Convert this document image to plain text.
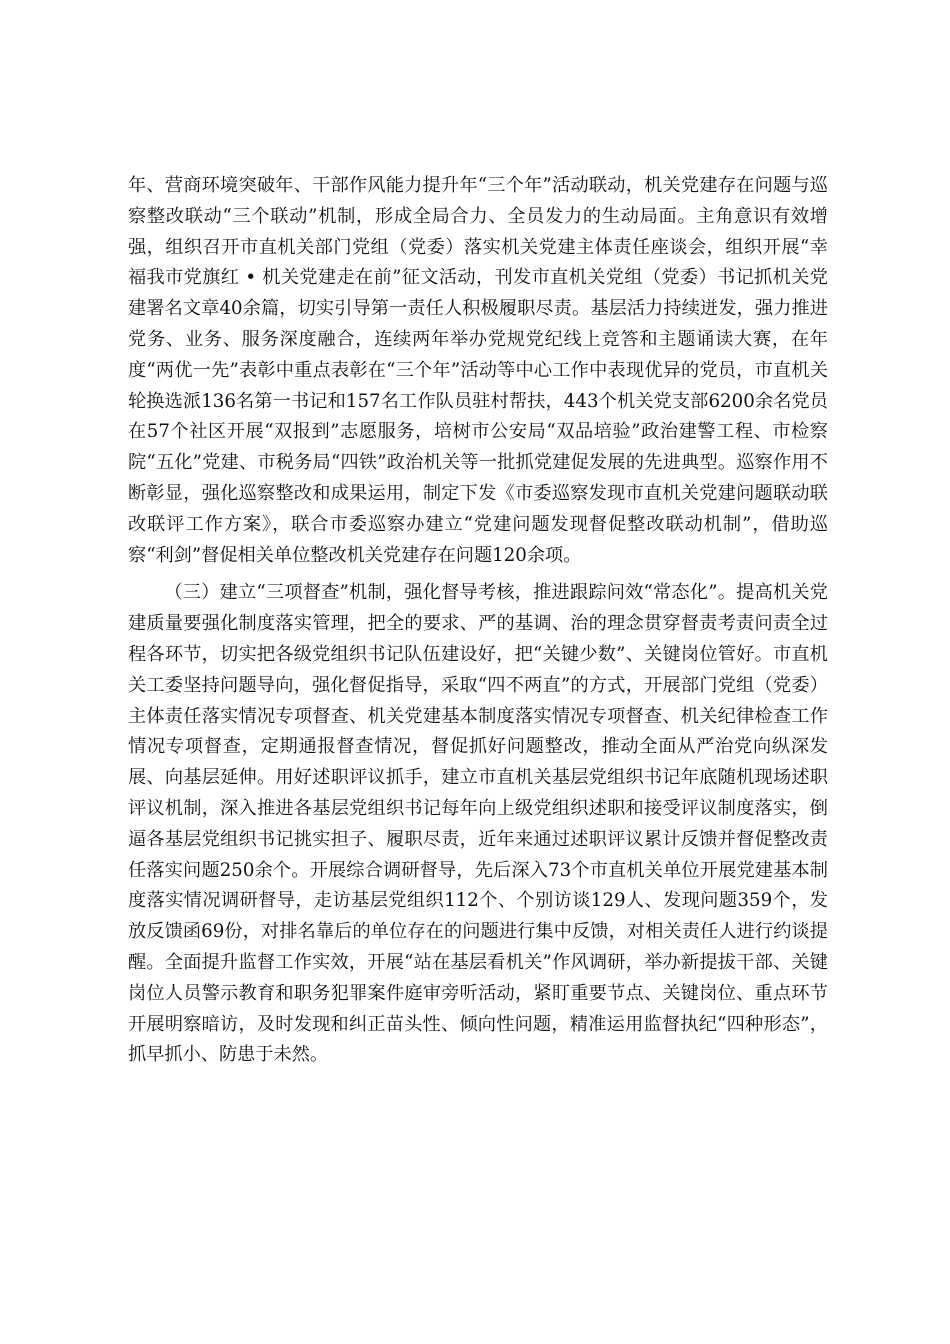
年、营商环境突破年、干部作风能力提升年“三个年”活动联动，机关党建存在问题与巡察整改联动“三个联动”机制，形成全局合力、全员发力的生动局面。主角意识有效增强，组织召开市直机关部门党组（党委）落实机关党建主体责任座谈会，组织开展“幸福我市党旗红 • 机关党建走在前”征文活动，刊发市直机关党组（党委）书记抓机关党建署名文章40余篇，切实引导第一责任人积极履职尽责。基层活力持续迸发，强力推进党务、业务、服务深度融合，连续两年举办党规党纪线上竞答和主题诵读大赛，在年度“两优一先”表彰中重点表彰在“三个年”活动等中心工作中表现优异的党员，市直机关轮换选派136名第一书记和157名工作队员驻村帮扶，443个机关党支部6200余名党员在57个社区开展“双报到”志愿服务，培树市公安局“双品培验”政治建警工程、市检察院“五化”党建、市税务局“四铁”政治机关等一批抓党建促发展的先进典型。巡察作用不断彰显，强化巡察整改和成果运用，制定下发《市委巡察发现市直机关党建问题联动联改联评工作方案》，联合市委巡察办建立“党建问题发现督促整改联动机制”，借助巡察“利剑”督促相关单位整改机关党建存在问题120余项。

（三）建立“三项督查”机制，强化督导考核，推进跟踪问效“常态化”。提高机关党建质量要强化制度落实管理，把全的要求、严的基调、治的理念贯穿督责考责问责全过程各环节，切实把各级党组织书记队伍建设好，把“关键少数”、关键岗位管好。市直机关工委坚持问题导向，强化督促指导，采取“四不两直”的方式，开展部门党组（党委）主体责任落实情况专项督查、机关党建基本制度落实情况专项督查、机关纪律检查工作情况专项督查，定期通报督查情况，督促抓好问题整改，推动全面从严治党向纵深发展、向基层延伸。用好述职评议抓手，建立市直机关基层党组织书记年底随机现场述职评议机制，深入推进各基层党组织书记每年向上级党组织述职和接受评议制度落实，倒逼各基层党组织书记挑实担子、履职尽责，近年来通过述职评议累计反馈并督促整改责任落实问题250余个。开展综合调研督导，先后深入73个市直机关单位开展党建基本制度落实情况调研督导，走访基层党组织112个、个别访谈129人、发现问题359个，发放反馈函69份，对排名靠后的单位存在的问题进行集中反馈，对相关责任人进行约谈提醒。全面提升监督工作实效，开展“站在基层看机关”作风调研，举办新提拔干部、关键岗位人员警示教育和职务犯罪案件庭审旁听活动，紧盯重要节点、关键岗位、重点环节开展明察暗访，及时发现和纠正苗头性、倾向性问题，精准运用监督执纪“四种形态”，抓早抓小、防患于未然。
